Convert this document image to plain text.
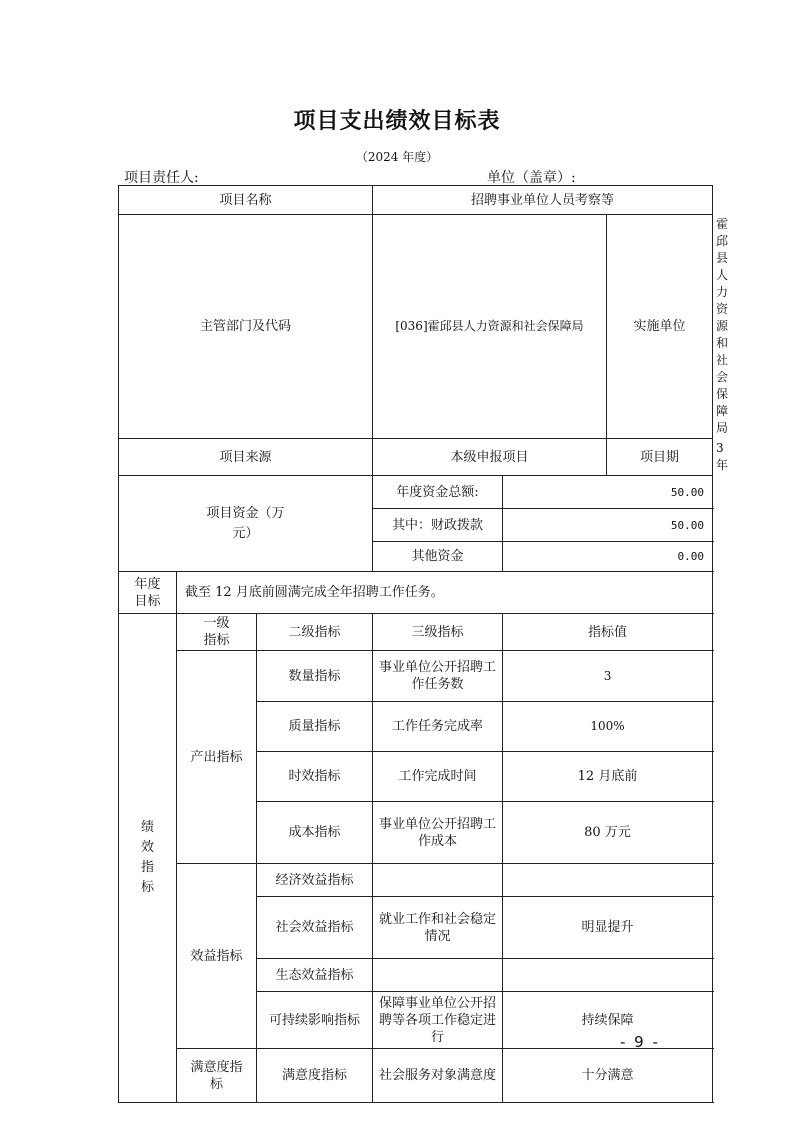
项目支出绩效目标表
（2024 年度）
项目责任人:	单位（盖章）:
项目名称			招聘事业单位人员考察等			
主管部门及代码			[036]霍邱县人力资源和社会保障局		实施单位	霍邱县人力资源和社会保障局
项目来源			本级申报项目		项目期	3 年

项目资金（万元）			年度资金总额:	50.00		
			其中：财政拨款	50.00		
			其他资金	0.00		

年度目标	截至 12 月底前圆满完成全年招聘工作任务。					

绩效指标	一级指标	二级指标	三级指标	指标值		
	产出指标	数量指标	事业单位公开招聘工作任务数	3		
		质量指标	工作任务完成率	100%		
		时效指标	工作完成时间	12 月底前		
		成本指标	事业单位公开招聘工作成本	80 万元		
	效益指标	经济效益指标				
		社会效益指标	就业工作和社会稳定情况	明显提升		
		生态效益指标				
		可持续影响指标	保障事业单位公开招聘等各项工作稳定进行	持续保障		

	满意度指标	满意度指标	社会服务对象满意度	十分满意		
- 9 -
